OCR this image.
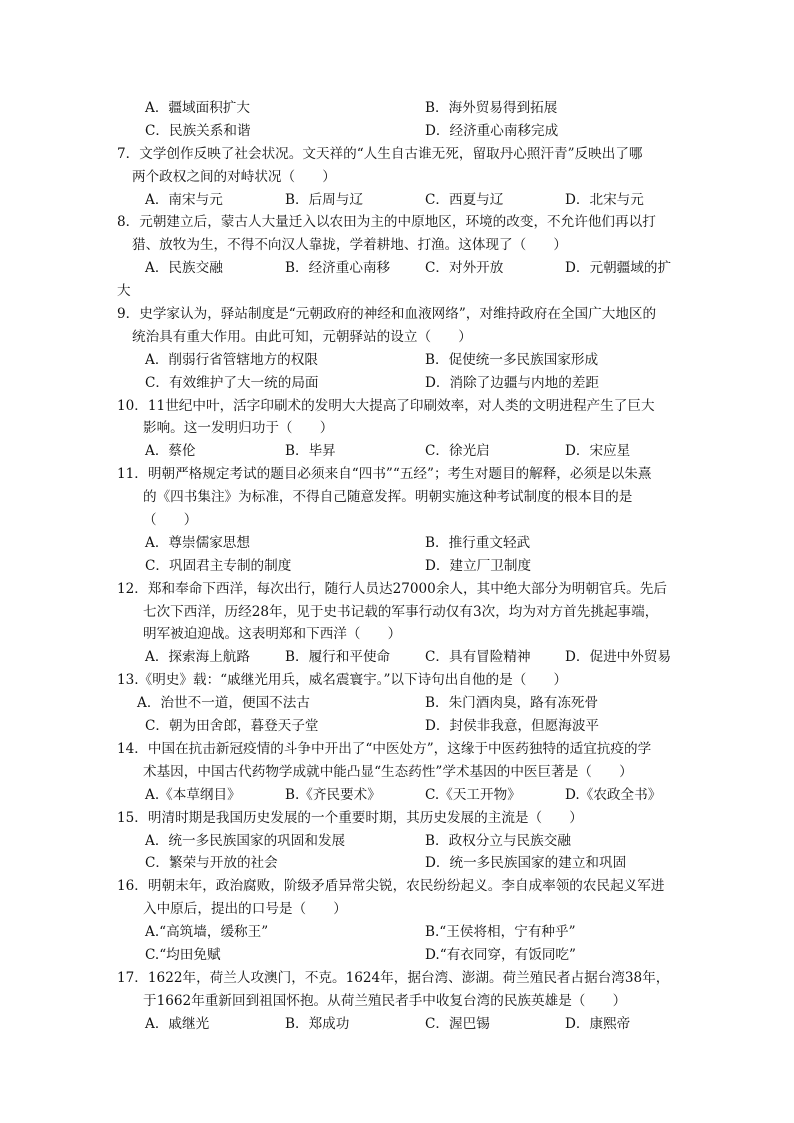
A．疆域面积扩大	B．海外贸易得到拓展
C．民族关系和谐	D．经济重心南移完成
7．文学创作反映了社会状况。文天祥的“人生自古谁无死，留取丹心照汗青”反映出了哪
两个政权之间的对峙状况（　　）
A．南宋与元	B．后周与辽	C．西夏与辽	D．北宋与元
8．元朝建立后，蒙古人大量迁入以农田为主的中原地区，环境的改变，不允许他们再以打
猎、放牧为生，不得不向汉人靠拢，学着耕地、打渔。这体现了（　　）
A．民族交融	B．经济重心南移	C．对外开放	D．元朝疆域的扩
大
9．史学家认为，驿站制度是“元朝政府的神经和血液网络”，对维持政府在全国广大地区的
统治具有重大作用。由此可知，元朝驿站的设立（　　）
A．削弱行省管辖地方的权限	B．促使统一多民族国家形成
C．有效维护了大一统的局面	D．消除了边疆与内地的差距
10．11世纪中叶，活字印刷术的发明大大提高了印刷效率，对人类的文明进程产生了巨大
影响。这一发明归功于（　　）
A．蔡伦	B．毕昇	C．徐光启	D．宋应星
11．明朝严格规定考试的题目必须来自“四书”“五经”；考生对题目的解释，必须是以朱熹
的《四书集注》为标准，不得自己随意发挥。明朝实施这种考试制度的根本目的是
（　　）
A．尊崇儒家思想	B．推行重文轻武
C．巩固君主专制的制度	D．建立厂卫制度
12．郑和奉命下西洋，每次出行，随行人员达27000余人，其中绝大部分为明朝官兵。先后
七次下西洋，历经28年，见于史书记载的军事行动仅有3次，均为对方首先挑起事端，
明军被迫迎战。这表明郑和下西洋（　　）
A．探索海上航路	B．履行和平使命	C．具有冒险精神	D．促进中外贸易
13.《明史》载：“戚继光用兵，威名震寰宇。”以下诗句出自他的是（　　）
A．治世不一道，便国不法古	B．朱门酒肉臭，路有冻死骨
C．朝为田舍郎，暮登天子堂	D．封侯非我意，但愿海波平
14．中国在抗击新冠疫情的斗争中开出了“中医处方”，这缘于中医药独特的适宜抗疫的学
术基因，中国古代药物学成就中能凸显“生态药性”学术基因的中医巨著是（　　）
A.《本草纲目》	B.《齐民要术》	C.《天工开物》	D.《农政全书》
15．明清时期是我国历史发展的一个重要时期，其历史发展的主流是（　　）
A．统一多民族国家的巩固和发展	B．政权分立与民族交融
C．繁荣与开放的社会	D．统一多民族国家的建立和巩固
16．明朝末年，政治腐败，阶级矛盾异常尖锐，农民纷纷起义。李自成率领的农民起义军进
入中原后，提出的口号是（　　）
A.“高筑墙，缓称王”	B.“王侯将相，宁有种乎”
C.“均田免赋	D.“有衣同穿，有饭同吃”
17．1622年，荷兰人攻澳门，不克。1624年，据台湾、澎湖。荷兰殖民者占据台湾38年，
于1662年重新回到祖国怀抱。从荷兰殖民者手中收复台湾的民族英雄是（　　）
A．戚继光	B．郑成功	C．渥巴锡	D．康熙帝
